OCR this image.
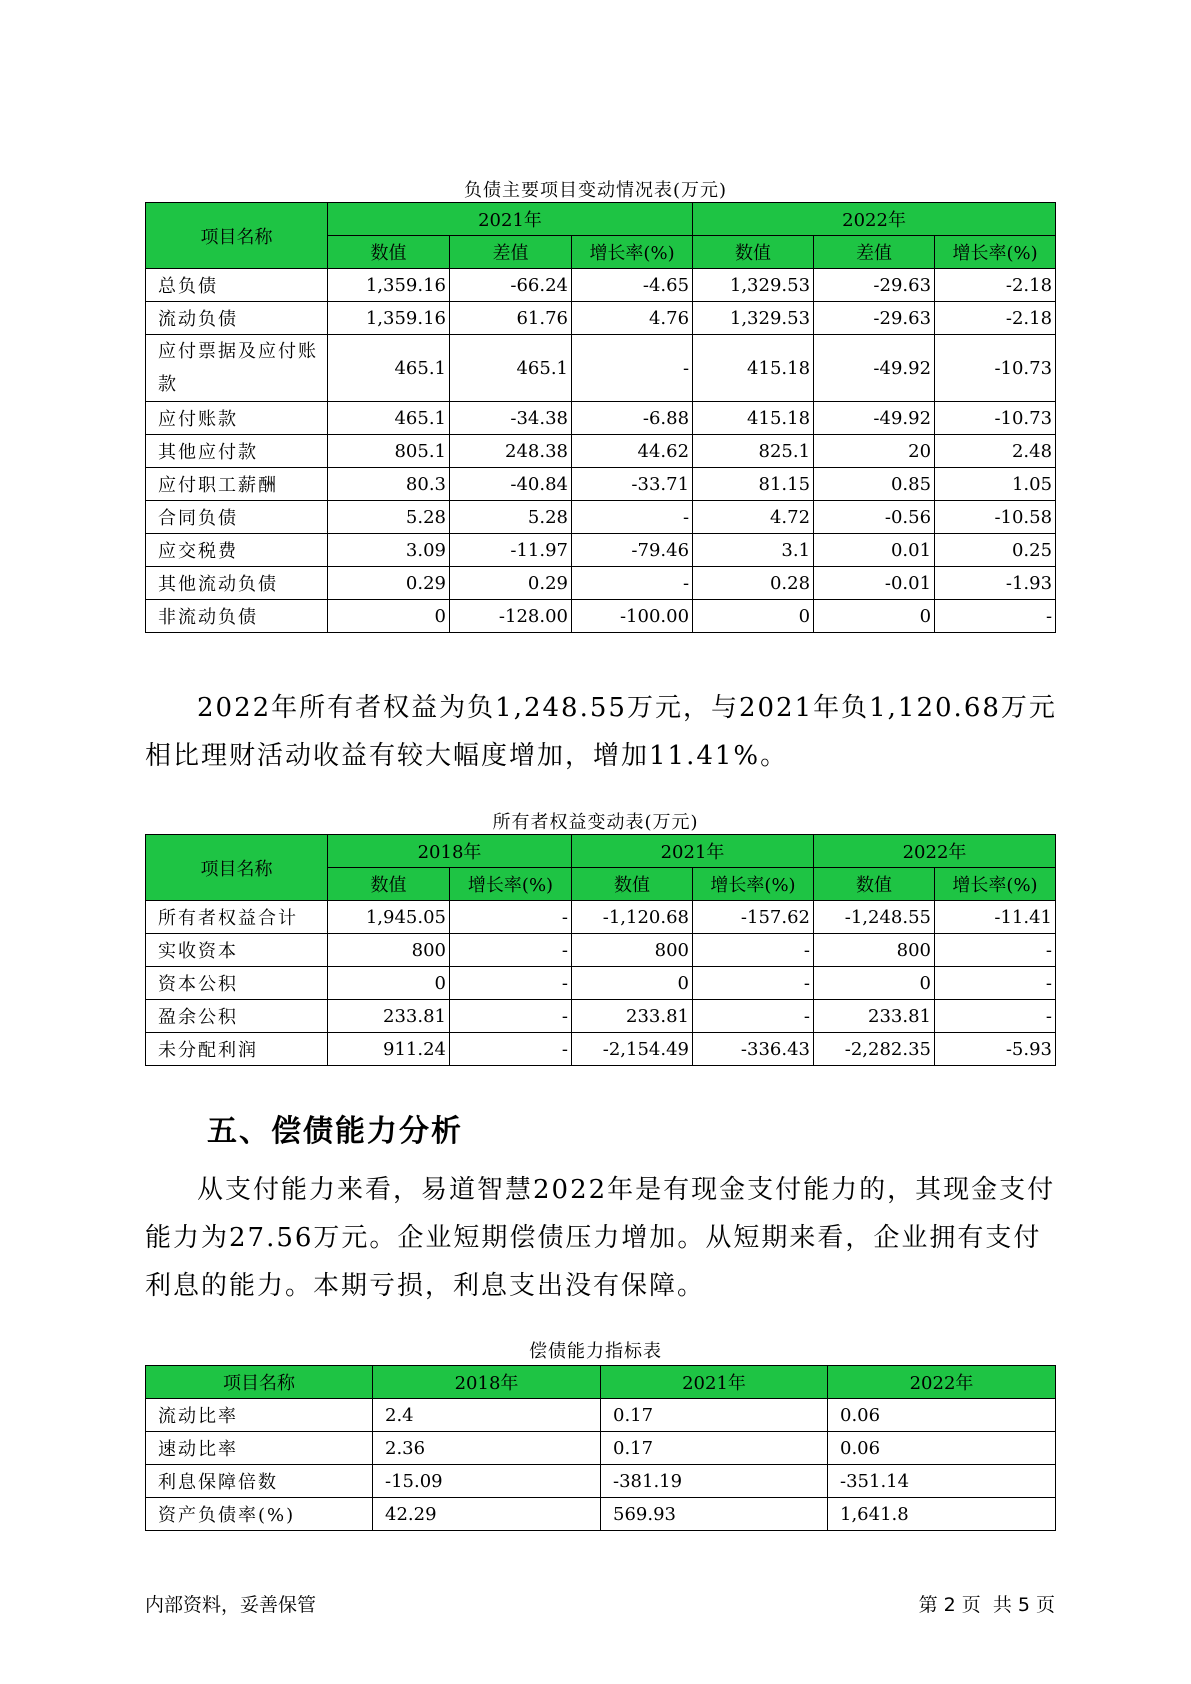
负债主要项目变动情况表(万元)
项目名称	2021年			2022年		
	数值	差值	增长率(%)	数值	差值	增长率(%)
总负债	1,359.16	-66.24	-4.65	1,329.53	-29.63	-2.18
流动负债	1,359.16	61.76	4.76	1,329.53	-29.63	-2.18
应付票据及应付账款	465.1	465.1	-	415.18	-49.92	-10.73
应付账款	465.1	-34.38	-6.88	415.18	-49.92	-10.73
其他应付款	805.1	248.38	44.62	825.1	20	2.48
应付职工薪酬	80.3	-40.84	-33.71	81.15	0.85	1.05
合同负债	5.28	5.28	-	4.72	-0.56	-10.58
应交税费	3.09	-11.97	-79.46	3.1	0.01	0.25
其他流动负债	0.29	0.29	-	0.28	-0.01	-1.93
非流动负债	0	-128.00	-100.00	0	0	-
2022年所有者权益为负1,248.55万元，与2021年负1,120.68万元相比理财活动收益有较大幅度增加，增加11.41%。
所有者权益变动表(万元)
项目名称	2018年		2021年		2022年	
	数值	增长率(%)	数值	增长率(%)	数值	增长率(%)
所有者权益合计	1,945.05	-	-1,120.68	-157.62	-1,248.55	-11.41
实收资本	800	-	800	-	800	-
资本公积	0	-	0	-	0	-
盈余公积	233.81	-	233.81	-	233.81	-
未分配利润	911.24	-	-2,154.49	-336.43	-2,282.35	-5.93
五、偿债能力分析
从支付能力来看，易道智慧2022年是有现金支付能力的，其现金支付能力为27.56万元。企业短期偿债压力增加。从短期来看，企业拥有支付利息的能力。本期亏损，利息支出没有保障。
偿债能力指标表
项目名称	2018年	2021年	2022年
流动比率	2.4	0.17	0.06
速动比率	2.36	0.17	0.06
利息保障倍数	-15.09	-381.19	-351.14
资产负债率(%)	42.29	569.93	1,641.8
内部资料，妥善保管	第 2 页  共 5 页
